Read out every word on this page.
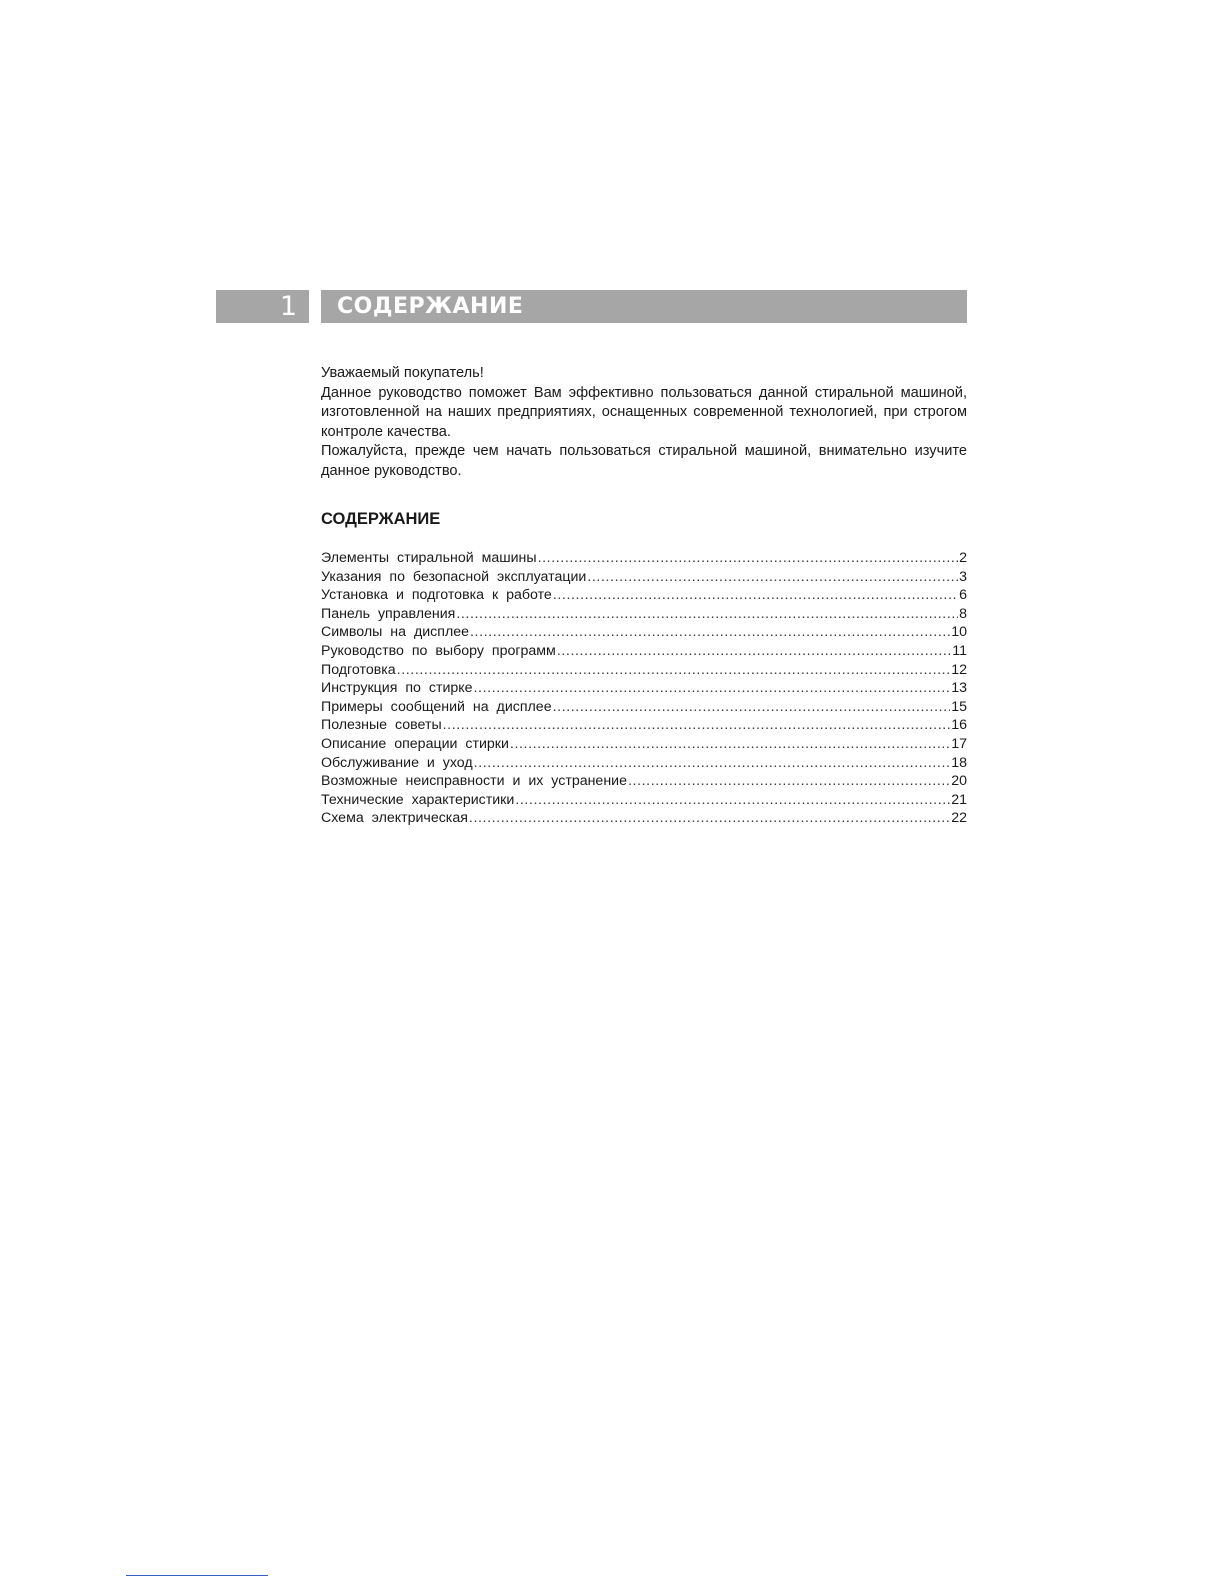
1	СОДЕРЖАНИЕ

Уважаемый покупатель!

Данное руководство поможет Вам эффективно пользоваться данной стиральной машиной, изготовленной на наших предприятиях, оснащенных современной технологией, при строгом контроле качества.

Пожалуйста, прежде чем начать пользоваться стиральной машиной, внимательно изучите данное руководство.

СОДЕРЖАНИЕ
Элементы стиральной машины .....	2
Указания по безопасной эксплуатации .....	3
Установка и подготовка к работе .....	6
Панель управления .....	8
Символы на дисплее .....	10
Руководство по выбору программ .....	11
Подготовка .....	12
Инструкция по стирке .....	13
Примеры сообщений на дисплее .....	15
Полезные советы .....	16
Описание операции стирки .....	17
Обслуживание и уход .....	18
Возможные неисправности и их устранение .....	20
Технические характеристики .....	21
Схема электрическая .....	22
